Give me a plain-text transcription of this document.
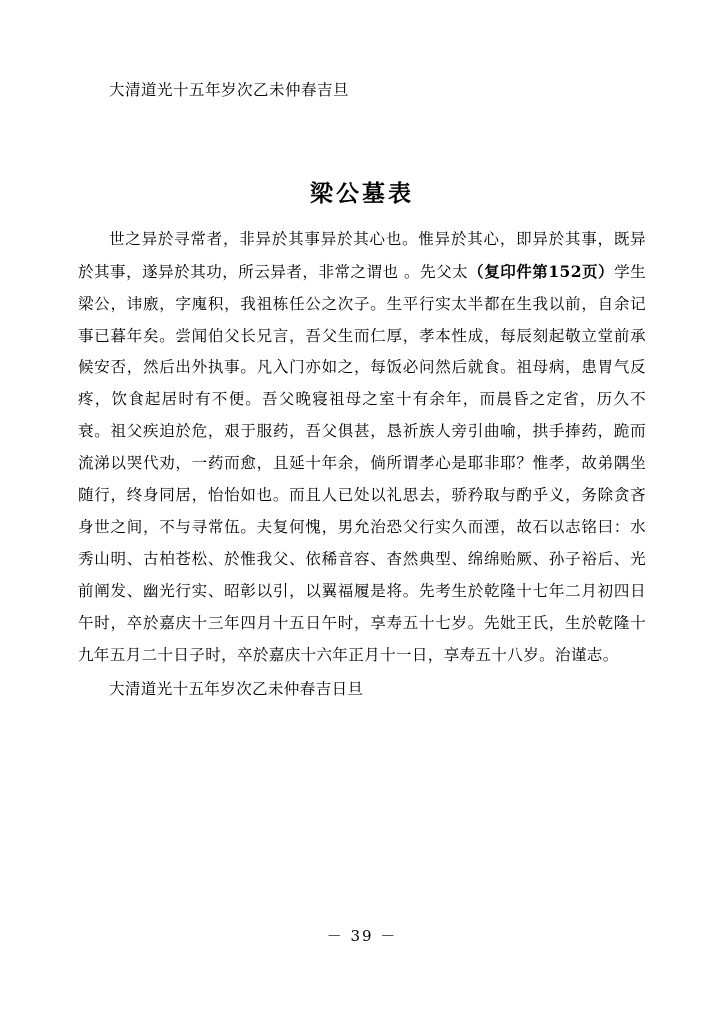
大清道光十五年岁次乙未仲春吉旦

梁公墓表

世之异於寻常者，非异於其事异於其心也。惟异於其心，即异於其事，既异於其事，遂异於其功，所云异者，非常之谓也 。先父太（复印件第152页）学生梁公，讳廒，字廆积，我祖栋任公之次子。生平行实太半都在生我以前，自余记事已暮年矣。尝闻伯父长兄言，吾父生而仁厚，孝本性成，每辰刻起敬立堂前承候安否，然后出外执事。凡入门亦如之，每饭必问然后就食。祖母病，患胃气反疼，饮食起居时有不便。吾父晚寝祖母之室十有余年，而晨昏之定省，历久不衰。祖父疾迫於危，艰于服药，吾父俱甚，恳祈族人旁引曲喻，拱手捧药，跪而流涕以哭代劝，一药而愈，且延十年余，倘所谓孝心是耶非耶？惟孝，故弟隅坐随行，终身同居，怡怡如也。而且人已处以礼思去，骄矜取与酌乎义，务除贪吝身世之间，不与寻常伍。夫复何愧，男允治恐父行实久而湮，故石以志铭曰：水秀山明、古柏苍松、於惟我父、依稀音容、杳然典型、绵绵贻厥、孙子裕后、光前阐发、幽光行实、昭彰以引，以翼福履是将。先考生於乾隆十七年二月初四日午时，卒於嘉庆十三年四月十五日午时，享寿五十七岁。先妣王氏，生於乾隆十九年五月二十日子时，卒於嘉庆十六年正月十一日，享寿五十八岁。治谨志。

大清道光十五年岁次乙未仲春吉日旦

－ 39 －
